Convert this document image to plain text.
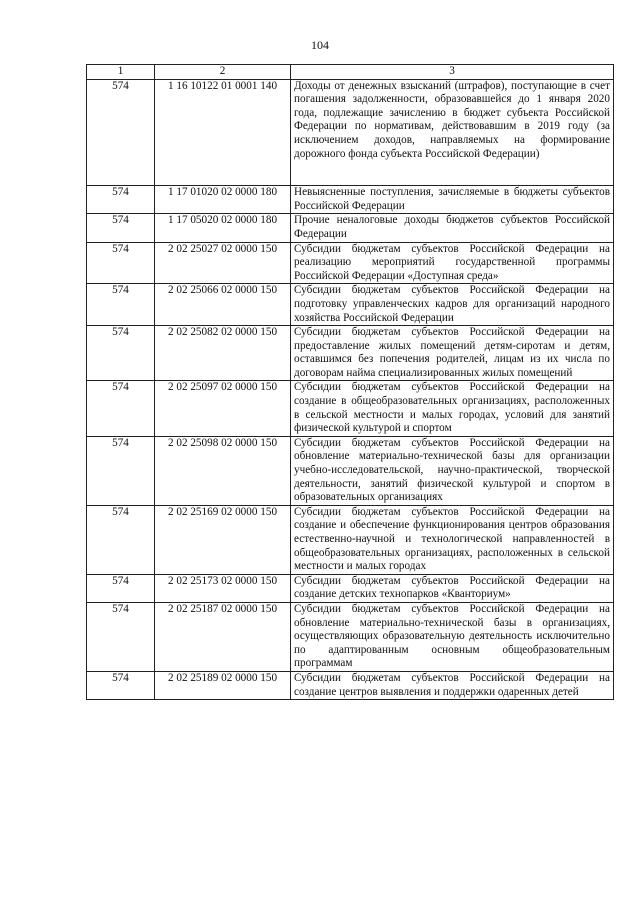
104
1	2	3
574	1 16 10122 01 0001 140	Доходы от денежных взысканий (штрафов), поступающие в счет погашения задолженности, образовавшейся до 1 января 2020 года, подлежащие зачислению в бюджет субъекта Российской Федерации по нормативам, действовавшим в 2019 году (за исключением доходов, направляемых на формирование дорожного фонда субъекта Российской Федерации)
574	1 17 01020 02 0000 180	Невыясненные поступления, зачисляемые в бюджеты субъектов Российской Федерации
574	1 17 05020 02 0000 180	Прочие неналоговые доходы бюджетов субъектов Российской Федерации
574	2 02 25027 02 0000 150	Субсидии бюджетам субъектов Российской Федерации на реализацию мероприятий государственной программы Российской Федерации «Доступная среда»
574	2 02 25066 02 0000 150	Субсидии бюджетам субъектов Российской Федерации на подготовку управленческих кадров для организаций народного хозяйства Российской Федерации
574	2 02 25082 02 0000 150	Субсидии бюджетам субъектов Российской Федерации на предоставление жилых помещений детям-сиротам и детям, оставшимся без попечения родителей, лицам из их числа по договорам найма специализированных жилых помещений
574	2 02 25097 02 0000 150	Субсидии бюджетам субъектов Российской Федерации на создание в общеобразовательных организациях, расположенных в сельской местности и малых городах, условий для занятий физической культурой и спортом
574	2 02 25098 02 0000 150	Субсидии бюджетам субъектов Российской Федерации на обновление материально-технической базы для организации учебно-исследовательской, научно-практической, творческой деятельности, занятий физической культурой и спортом в образовательных организациях
574	2 02 25169 02 0000 150	Субсидии бюджетам субъектов Российской Федерации на создание и обеспечение функционирования центров образования естественно-научной и технологической направленностей в общеобразовательных организациях, расположенных в сельской местности и малых городах
574	2 02 25173 02 0000 150	Субсидии бюджетам субъектов Российской Федерации на создание детских технопарков «Кванториум»
574	2 02 25187 02 0000 150	Субсидии бюджетам субъектов Российской Федерации на обновление материально-технической базы в организациях, осуществляющих образовательную деятельность исключительно по адаптированным основным общеобразовательным программам
574	2 02 25189 02 0000 150	Субсидии бюджетам субъектов Российской Федерации на создание центров выявления и поддержки одаренных детей
